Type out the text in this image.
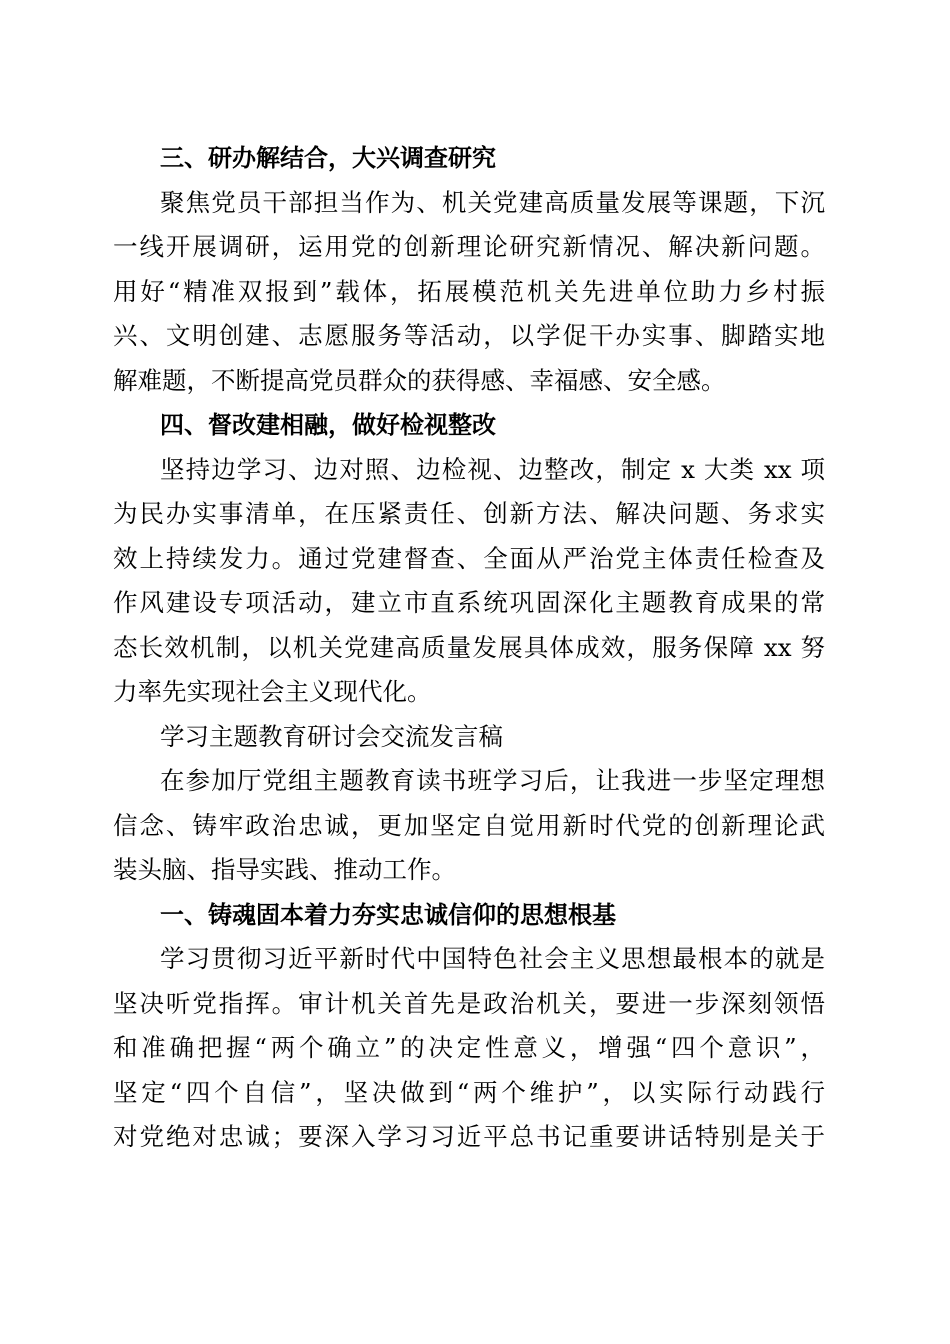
三、研办解结合，大兴调查研究

聚焦党员干部担当作为、机关党建高质量发展等课题，下沉
一线开展调研，运用党的创新理论研究新情况、解决新问题。
用好“精准双报到”载体，拓展模范机关先进单位助力乡村振
兴、文明创建、志愿服务等活动，以学促干办实事、脚踏实地
解难题，不断提高党员群众的获得感、幸福感、安全感。

四、督改建相融，做好检视整改

坚持边学习、边对照、边检视、边整改，制定 x 大类 xx 项
为民办实事清单，在压紧责任、创新方法、解决问题、务求实
效上持续发力。通过党建督查、全面从严治党主体责任检查及
作风建设专项活动，建立市直系统巩固深化主题教育成果的常
态长效机制，以机关党建高质量发展具体成效，服务保障 xx 努
力率先实现社会主义现代化。

学习主题教育研讨会交流发言稿

在参加厅党组主题教育读书班学习后，让我进一步坚定理想
信念、铸牢政治忠诚，更加坚定自觉用新时代党的创新理论武
装头脑、指导实践、推动工作。

一、铸魂固本着力夯实忠诚信仰的思想根基

学习贯彻习近平新时代中国特色社会主义思想最根本的就是
坚决听党指挥。审计机关首先是政治机关，要进一步深刻领悟
和准确把握“两个确立”的决定性意义，增强“四个意识”，
坚定“四个自信”，坚决做到“两个维护”，以实际行动践行
对党绝对忠诚；要深入学习习近平总书记重要讲话特别是关于
